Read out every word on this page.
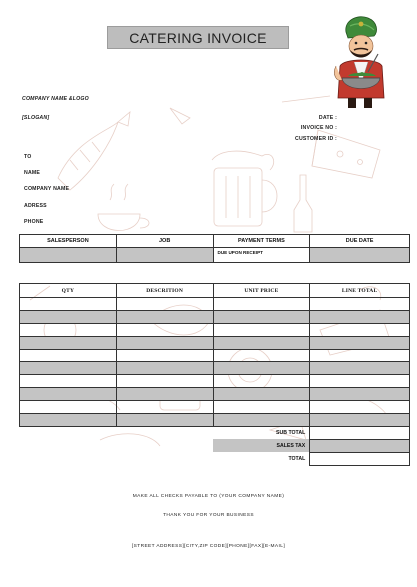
CATERING INVOICE
COMPANY NAME &LOGO
[SLOGAN]	DATE :
INVOICE NO :
CUSTOMER ID :
TO
NAME
COMPANY NAME
ADRESS
PHONE
SALESPERSON	JOB	PAYMENT TERMS	DUE DATE
		DUE UPON RECEIPT	
QTY	DESCRITION	UNIT PRICE	LINE TOTAL

		SUB TOTAL	
		SALES TAX	
		TOTAL	
MAKE ALL CHECKS PAYABLE TO (YOUR COMPANY NAME)
THANK YOU FOR YOUR BUSINESS
[STREET ADDRESS][CITY,ZIP CODE][PHONE][FAX][E-MAIL]
